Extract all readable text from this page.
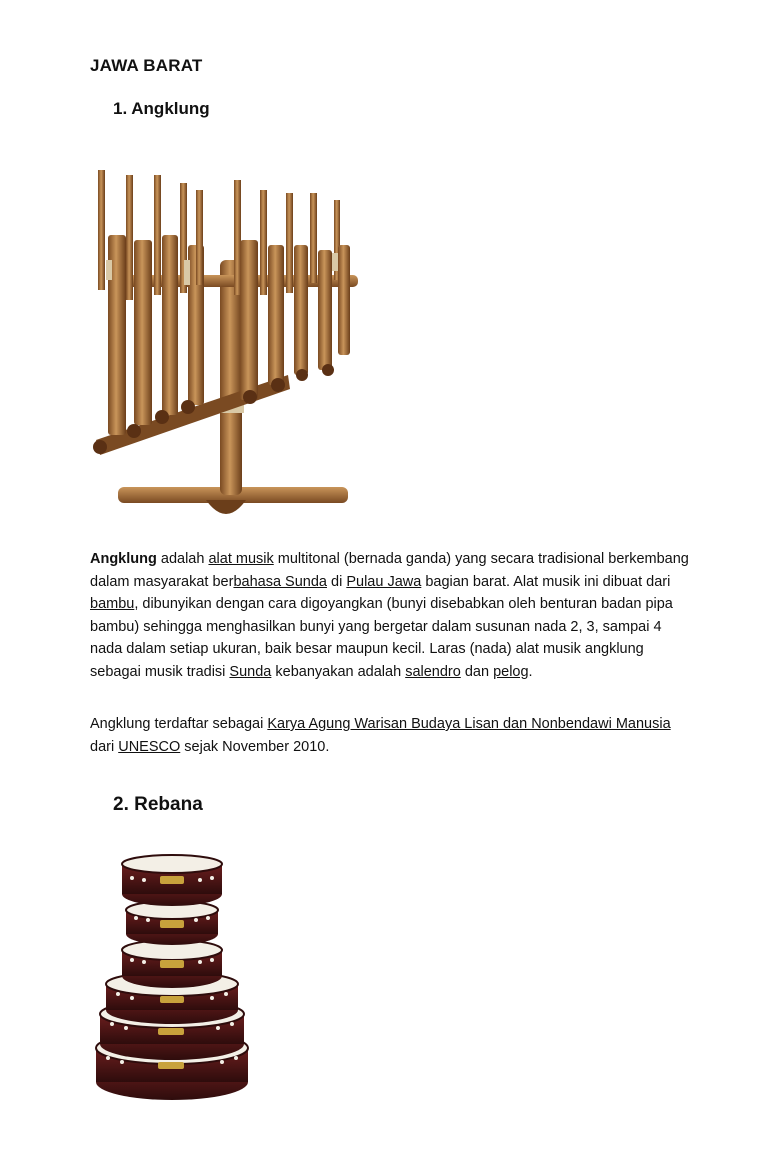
JAWA BARAT
1. Angklung

Angklung adalah alat musik multitonal (bernada ganda) yang secara tradisional berkembang dalam masyarakat berbahasa Sunda di Pulau Jawa bagian barat. Alat musik ini dibuat dari bambu, dibunyikan dengan cara digoyangkan (bunyi disebabkan oleh benturan badan pipa bambu) sehingga menghasilkan bunyi yang bergetar dalam susunan nada 2, 3, sampai 4 nada dalam setiap ukuran, baik besar maupun kecil. Laras (nada) alat musik angklung sebagai musik tradisi Sunda kebanyakan adalah salendro dan pelog.

Angklung terdaftar sebagai Karya Agung Warisan Budaya Lisan dan Nonbendawi Manusia dari UNESCO sejak November 2010.

2. Rebana
